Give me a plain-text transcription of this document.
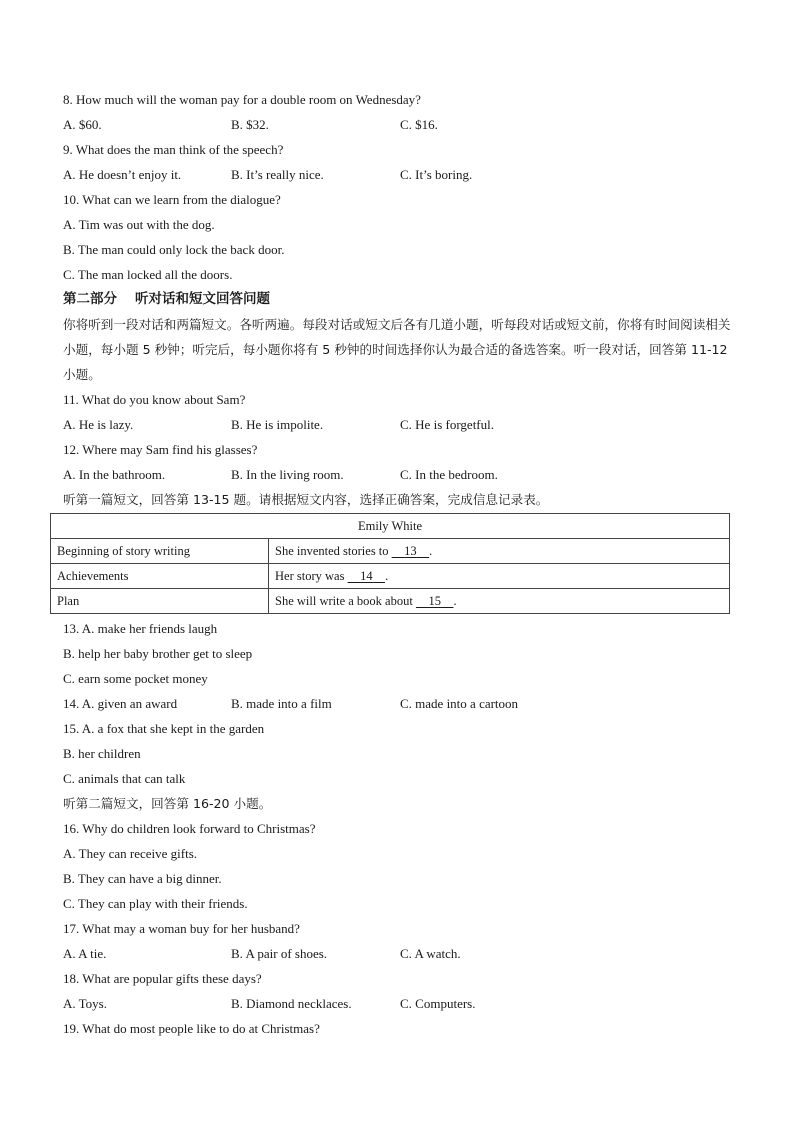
8. How much will the woman pay for a double room on Wednesday?
A. $60.	B. $32.	C. $16.
9. What does the man think of the speech?
A. He doesn’t enjoy it.	B. It’s really nice.	C. It’s boring.
10. What can we learn from the dialogue?
A. Tim was out with the dog.
B. The man could only lock the back door.
C. The man locked all the doors.
第二部分 听对话和短文回答问题
你将听到一段对话和两篇短文。各听两遍。每段对话或短文后各有几道小题，听每段对话或短文前，你将有时间阅读相关小题，每小题 5 秒钟；听完后，每小题你将有 5 秒钟的时间选择你认为最合适的备选答案。听一段对话，回答第 11-12 小题。
11. What do you know about Sam?
A. He is lazy.	B. He is impolite.	C. He is forgetful.
12. Where may Sam find his glasses?
A. In the bathroom.	B. In the living room.	C. In the bedroom.
听第一篇短文，回答第 13-15 题。请根据短文内容，选择正确答案，完成信息记录表。
Emily White	
Beginning of story writing	She invented stories to     13 .
Achievements	Her story was     14 .
Plan	She will write a book about     15 .
13. A. make her friends laugh
B. help her baby brother get to sleep
C. earn some pocket money
14. A. given an award	B. made into a film	C. made into a cartoon
15. A. a fox that she kept in the garden
B. her children
C. animals that can talk
听第二篇短文，回答第 16-20 小题。
16. Why do children look forward to Christmas?
A. They can receive gifts.
B. They can have a big dinner.
C. They can play with their friends.
17. What may a woman buy for her husband?
A. A tie.	B. A pair of shoes.	C. A watch.
18. What are popular gifts these days?
A. Toys.	B. Diamond necklaces.	C. Computers.
19. What do most people like to do at Christmas?
